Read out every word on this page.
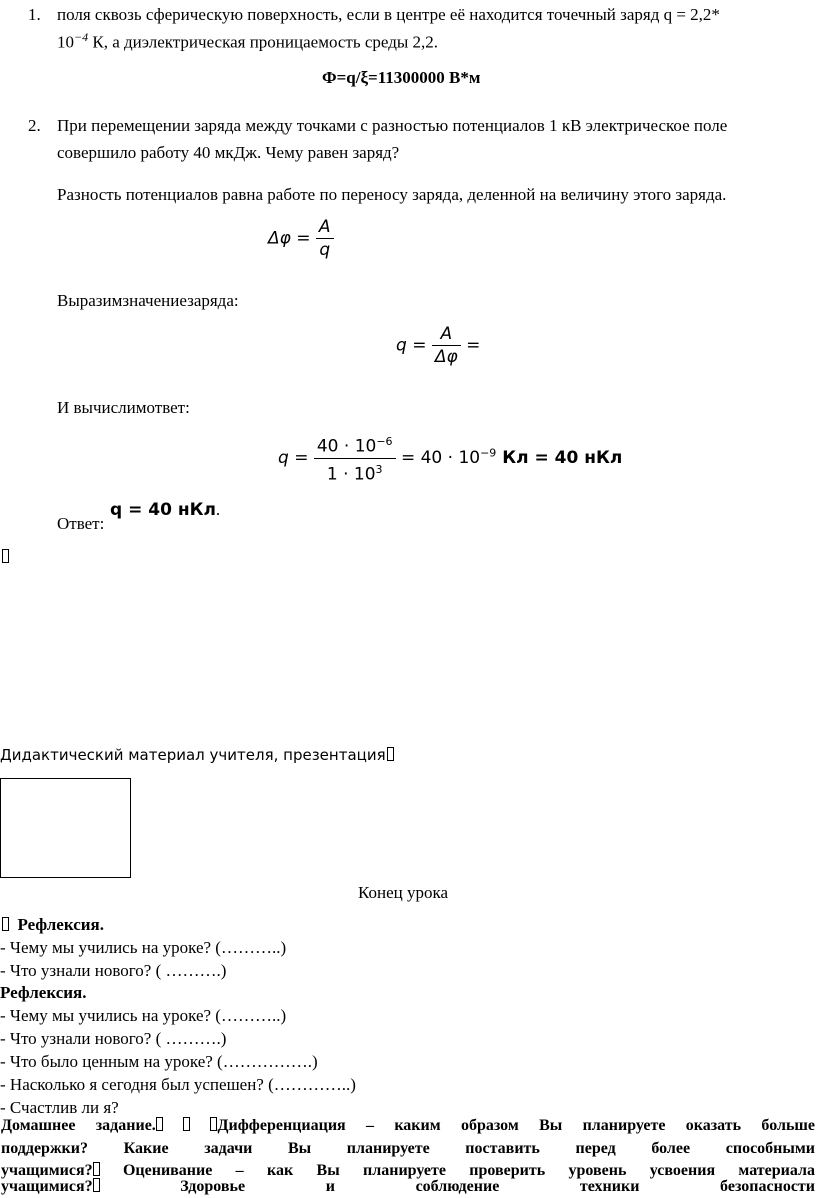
1. поля сквозь сферическую поверхность, если в центре её находится точечный заряд q = 2,2*
$10^{-4}$ К, а диэлектрическая проницаемость среды 2,2.
Ф=q/ξ=11300000 В*м
2. При перемещении заряда между точками с разностью потенциалов 1 кВ электрическое поле
совершило работу 40 мкДж. Чему равен заряд?
Разность потенциалов равна работе по переносу заряда, деленной на величину этого заряда.
$\Delta\varphi = \frac{A}{q}$
Выразимзначениезаряда:
$q = \frac{A}{\Delta\varphi}$ =
И вычислимответ:
$q = \frac{40 \cdot 10^{-6}}{1 \cdot 10^3} = 40 \cdot 10^{-9}$ Кл = 40 нКл
Ответ:
q = 40 нКл.
Дидактический материал учителя, презентация
Конец урока
Рефлексия.
- Чему мы учились на уроке? (………..)
- Что узнали нового? ( ……….)
Рефлексия.
- Чему мы учились на уроке? (………..)
- Что узнали нового? ( ……….)
- Что было ценным на уроке? (…………….)
- Насколько я сегодня был успешен? (…………..)
- Счастлив ли я?
Домашнее задание.	Дифференциация – каким образом Вы планируете оказать больше
поддержки? Какие задачи Вы планируете поставить перед более способными
учащимися? Оценивание – как Вы планируете проверить уровень усвоения материала
учащимися? Здоровье и соблюдение техники безопасности
